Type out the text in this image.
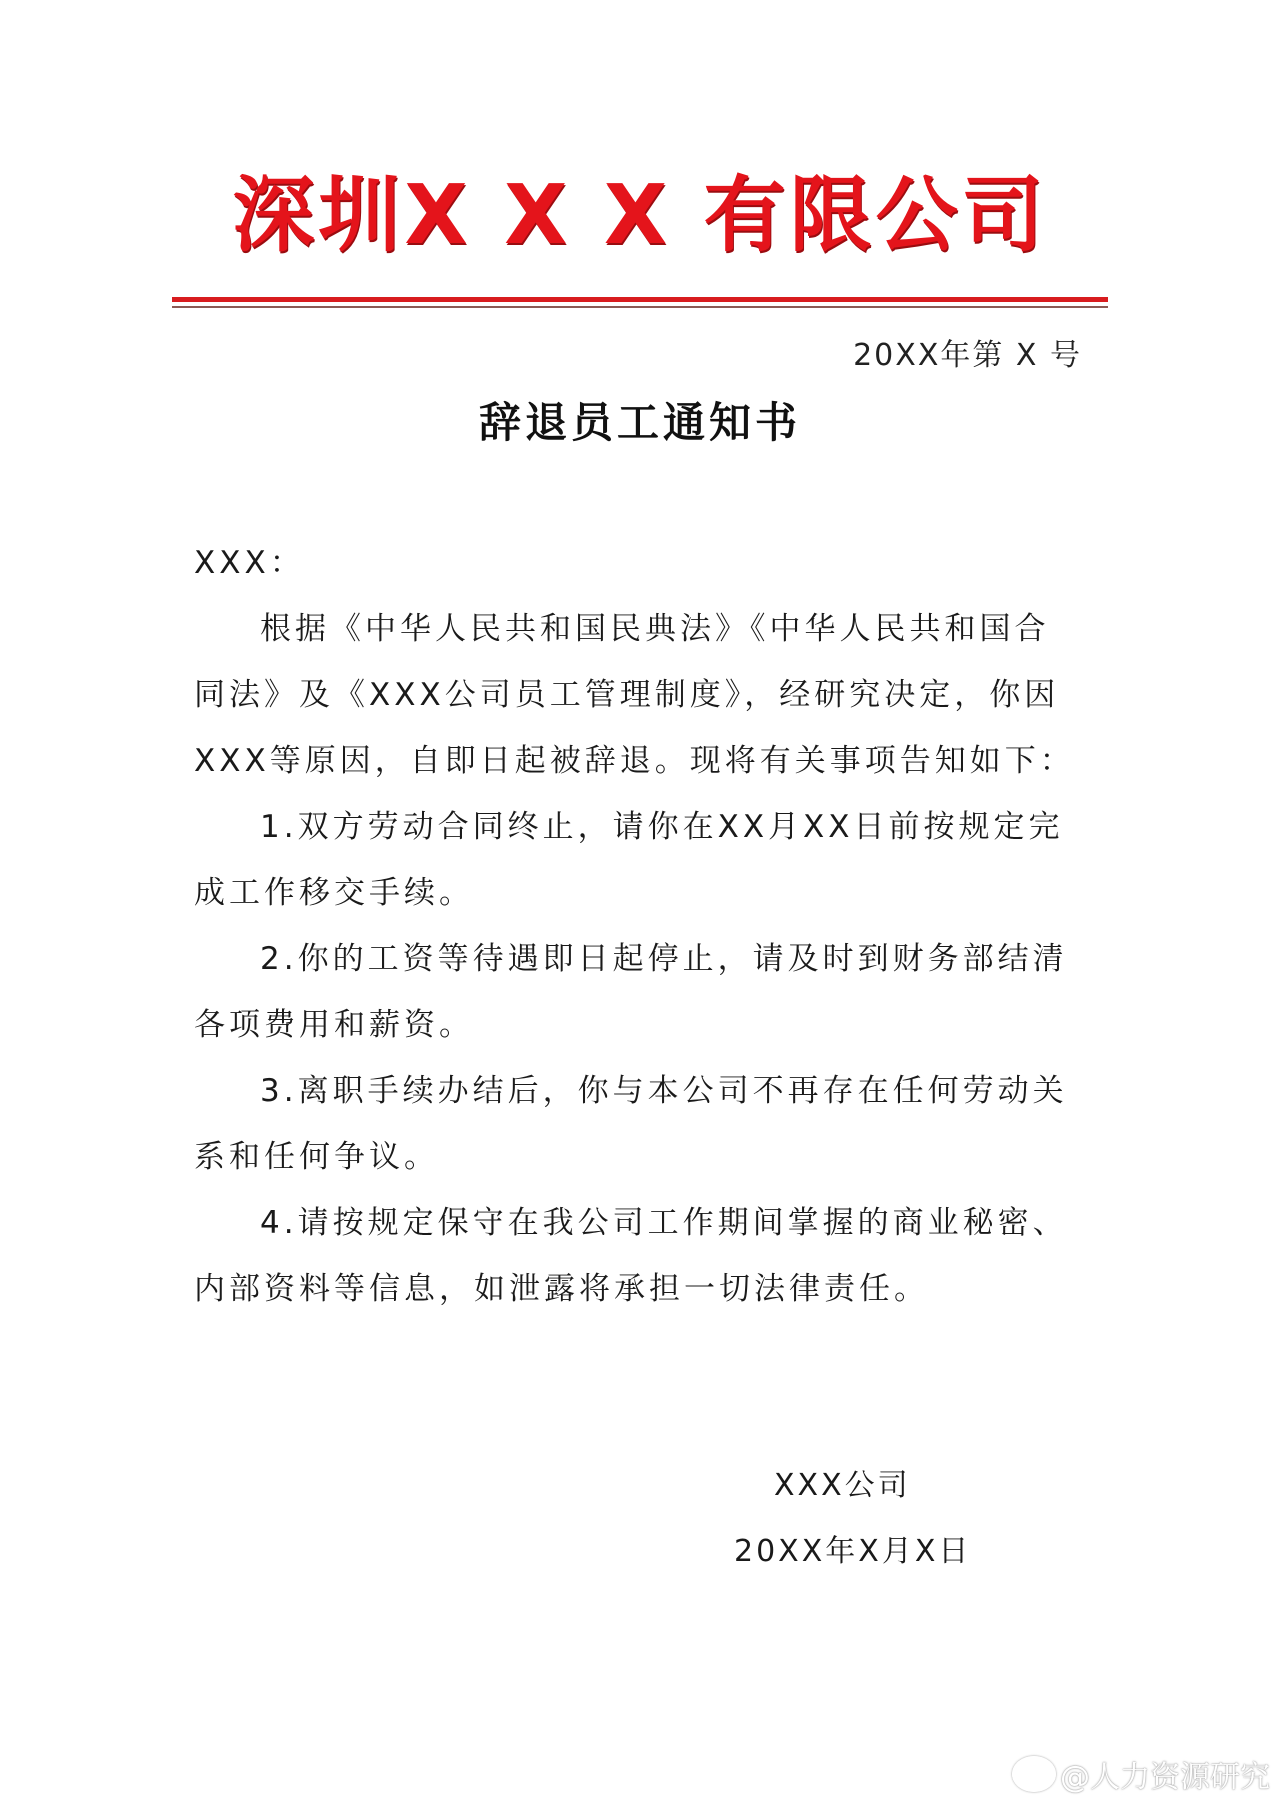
深圳X X X 有限公司
20XX年第 X 号
辞退员工通知书

XXX：

根据《中华人民共和国民典法》《中华人民共和国合同法》及《XXX公司员工管理制度》，经研究决定，你因XXX等原因，自即日起被辞退。现将有关事项告知如下：

1.双方劳动合同终止，请你在XX月XX日前按规定完成工作移交手续。

2.你的工资等待遇即日起停止，请及时到财务部结清各项费用和薪资。

3.离职手续办结后，你与本公司不再存在任何劳动关系和任何争议。

4.请按规定保守在我公司工作期间掌握的商业秘密、内部资料等信息，如泄露将承担一切法律责任。

XXX公司
20XX年X月X日
@人力资源研究
